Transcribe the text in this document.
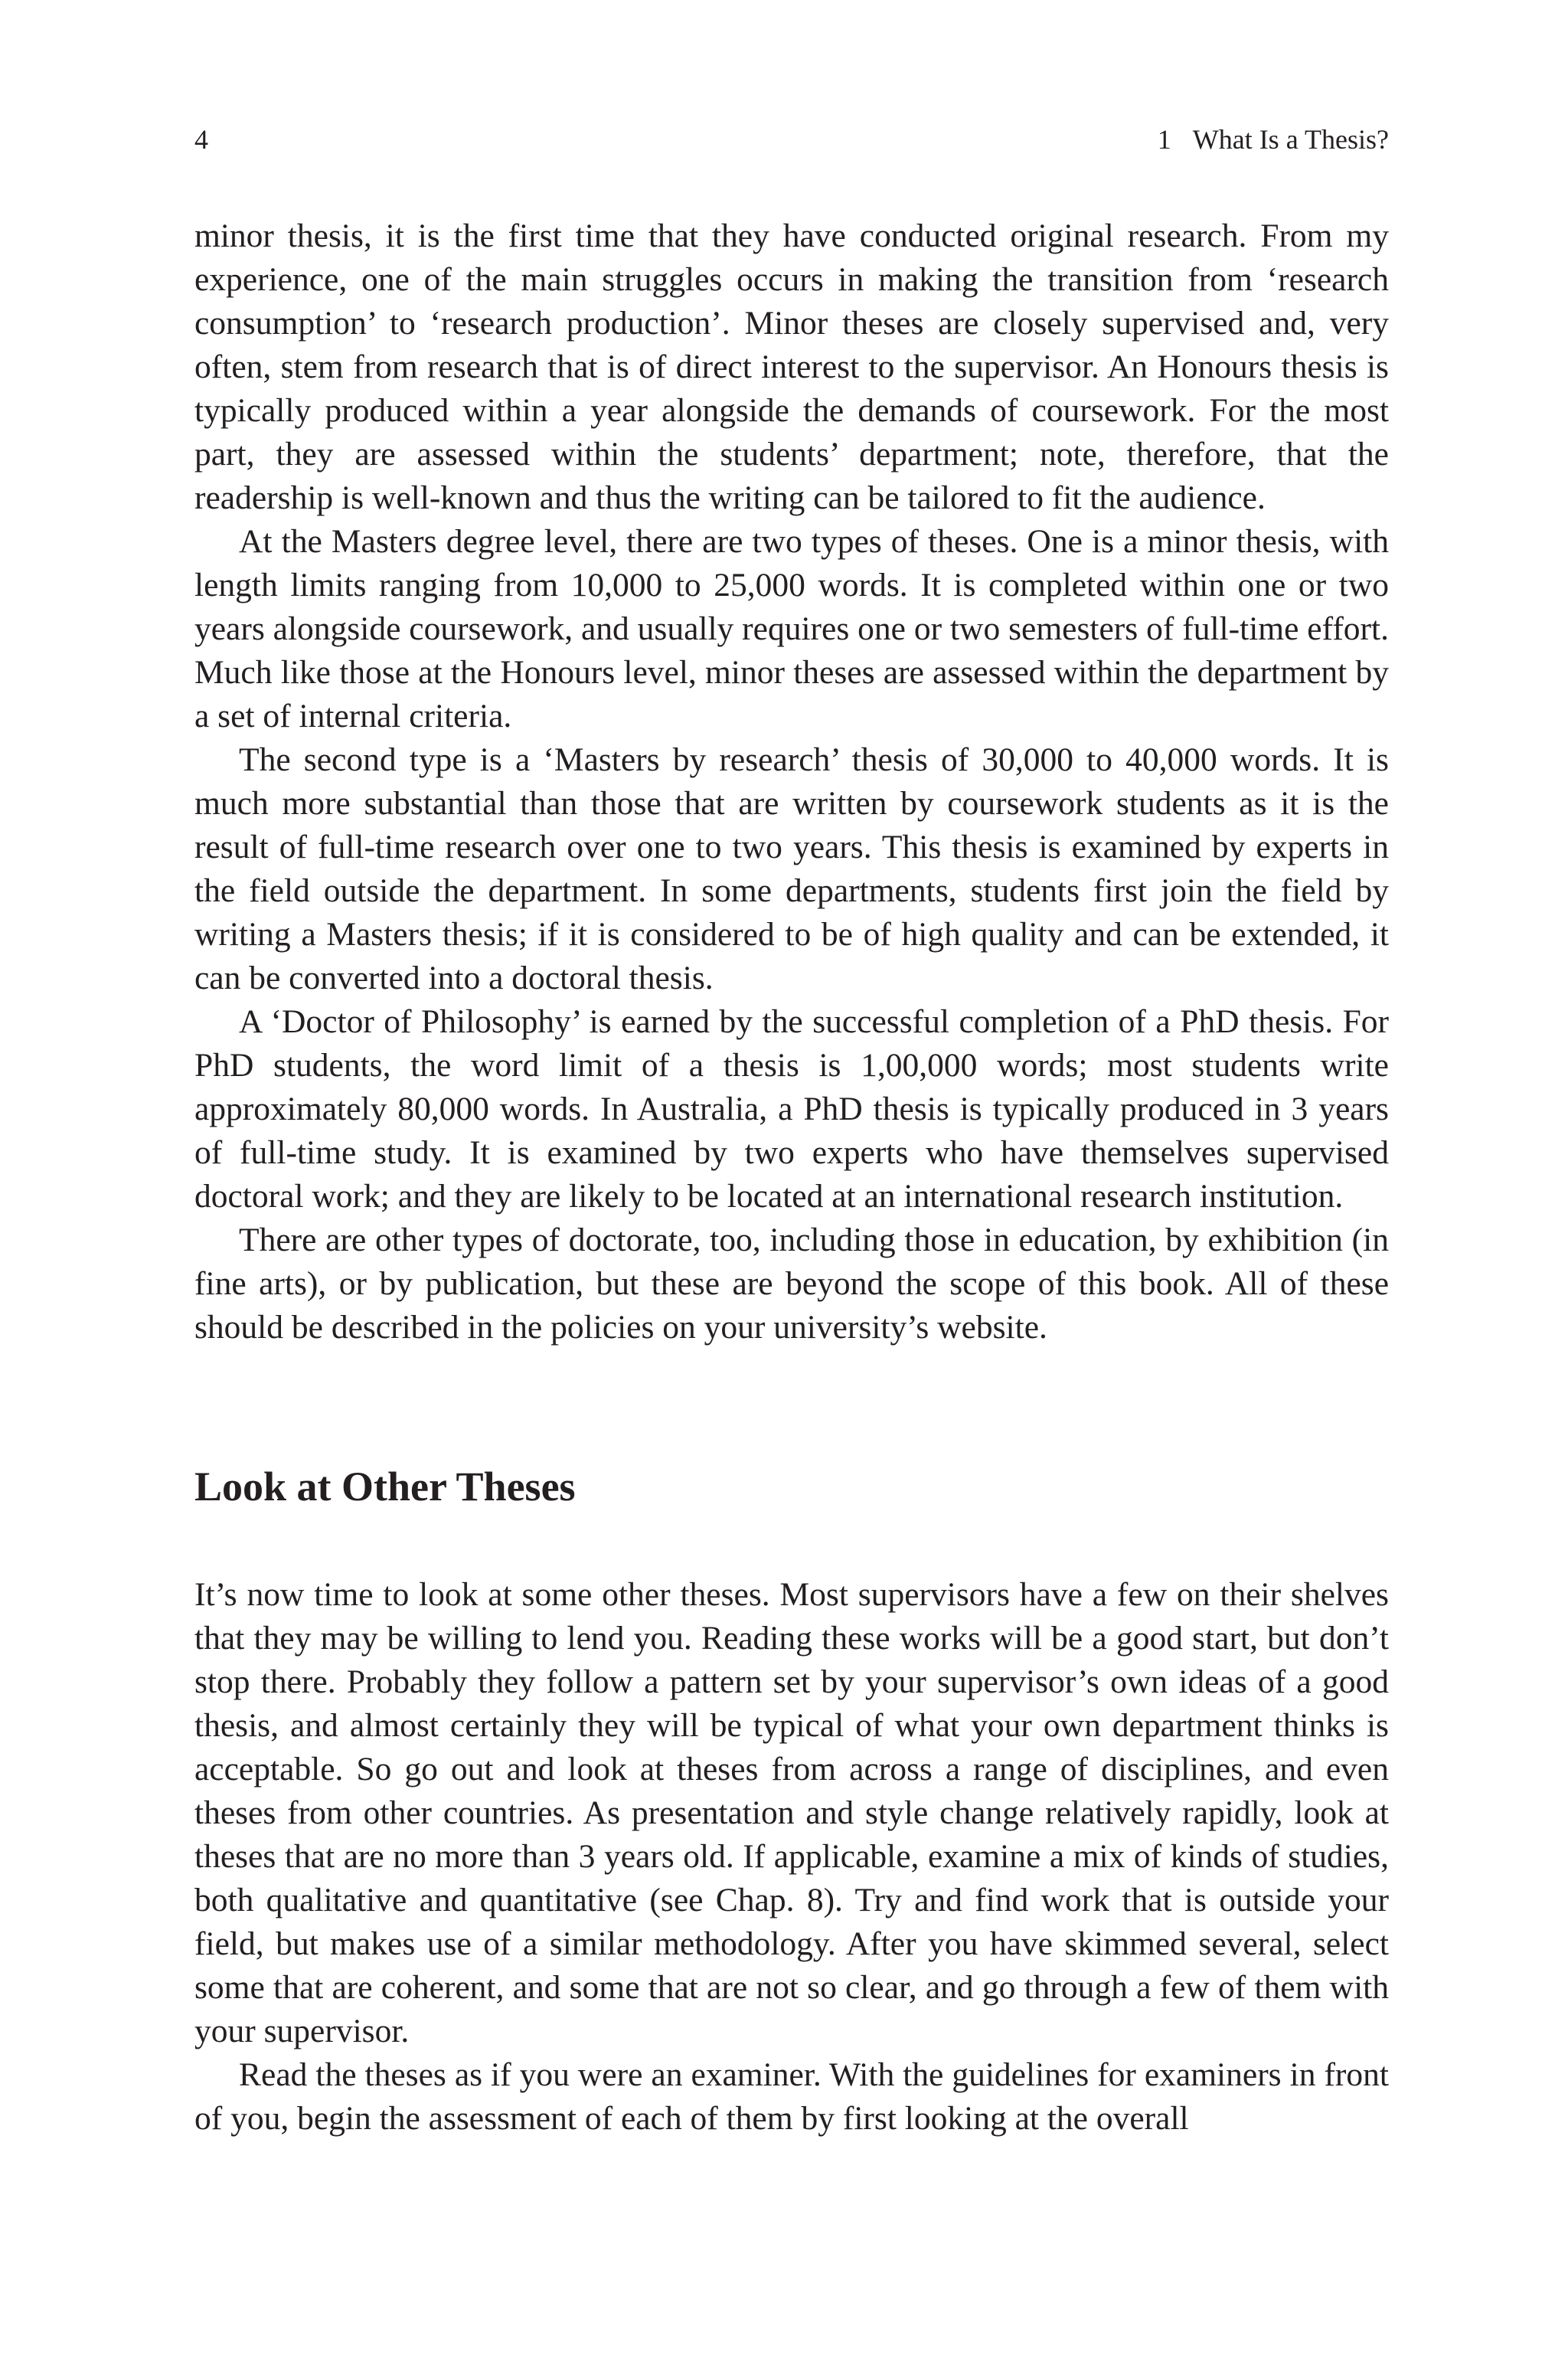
4	1 What Is a Thesis?

minor thesis, it is the first time that they have conducted original research. From my experience, one of the main struggles occurs in making the transition from ‘research consumption’ to ‘research production’. Minor theses are closely supervised and, very often, stem from research that is of direct interest to the supervisor. An Honours thesis is typically produced within a year alongside the demands of coursework. For the most part, they are assessed within the students’ department; note, therefore, that the readership is well-known and thus the writing can be tailored to fit the audience.

At the Masters degree level, there are two types of theses. One is a minor thesis, with length limits ranging from 10,000 to 25,000 words. It is completed within one or two years alongside coursework, and usually requires one or two semesters of full-time effort. Much like those at the Honours level, minor theses are assessed within the department by a set of internal criteria.

The second type is a ‘Masters by research’ thesis of 30,000 to 40,000 words. It is much more substantial than those that are written by coursework students as it is the result of full-time research over one to two years. This thesis is examined by experts in the field outside the department. In some departments, students first join the field by writing a Masters thesis; if it is considered to be of high quality and can be extended, it can be converted into a doctoral thesis.

A ‘Doctor of Philosophy’ is earned by the successful completion of a PhD thesis. For PhD students, the word limit of a thesis is 1,00,000 words; most students write approximately 80,000 words. In Australia, a PhD thesis is typically produced in 3 years of full-time study. It is examined by two experts who have themselves supervised doctoral work; and they are likely to be located at an international research institution.

There are other types of doctorate, too, including those in education, by exhibition (in fine arts), or by publication, but these are beyond the scope of this book. All of these should be described in the policies on your university’s website.

Look at Other Theses

It’s now time to look at some other theses. Most supervisors have a few on their shelves that they may be willing to lend you. Reading these works will be a good start, but don’t stop there. Probably they follow a pattern set by your supervisor’s own ideas of a good thesis, and almost certainly they will be typical of what your own department thinks is acceptable. So go out and look at theses from across a range of disciplines, and even theses from other countries. As presentation and style change relatively rapidly, look at theses that are no more than 3 years old. If applicable, examine a mix of kinds of studies, both qualitative and quantitative (see Chap. 8). Try and find work that is outside your field, but makes use of a similar methodology. After you have skimmed several, select some that are coherent, and some that are not so clear, and go through a few of them with your supervisor.

Read the theses as if you were an examiner. With the guidelines for examiners in front of you, begin the assessment of each of them by first looking at the overall
